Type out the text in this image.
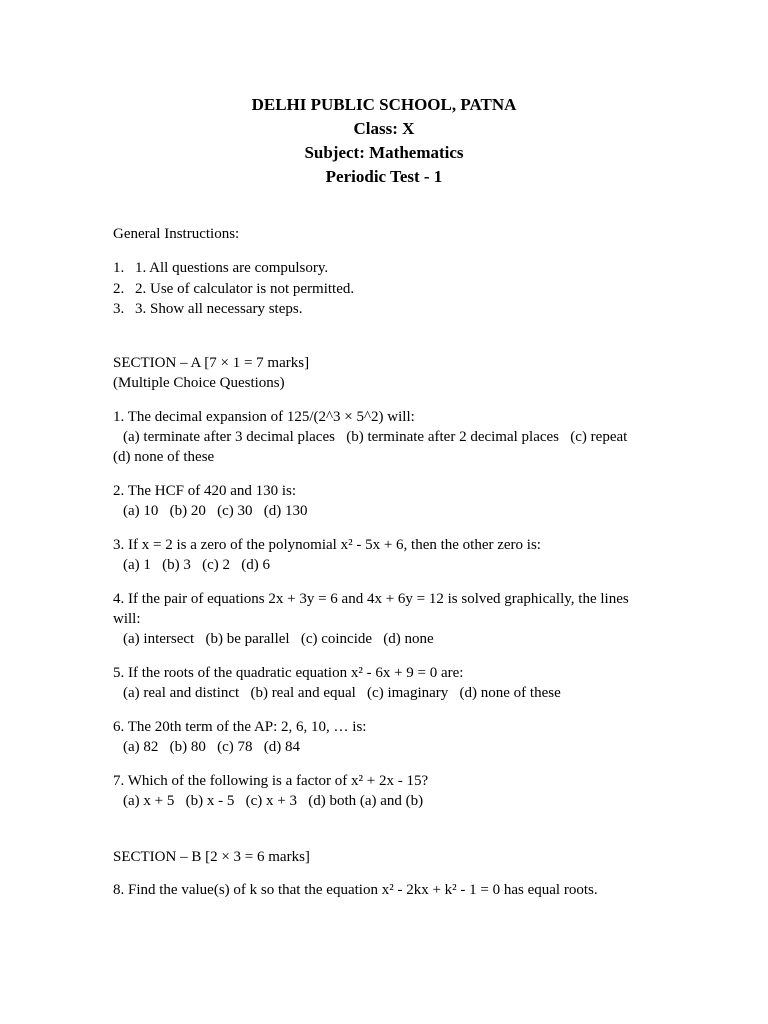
DELHI PUBLIC SCHOOL, PATNA
Class: X
Subject: Mathematics
Periodic Test - 1
General Instructions:
1. 1. All questions are compulsory.
2. 2. Use of calculator is not permitted.
3. 3. Show all necessary steps.
SECTION – A [7 × 1 = 7 marks]
(Multiple Choice Questions)
1. The decimal expansion of 125/(2^3 × 5^2) will:
(a) terminate after 3 decimal places   (b) terminate after 2 decimal places   (c) repeat
(d) none of these
2. The HCF of 420 and 130 is:
(a) 10   (b) 20   (c) 30   (d) 130
3. If x = 2 is a zero of the polynomial x² - 5x + 6, then the other zero is:
(a) 1   (b) 3   (c) 2   (d) 6
4. If the pair of equations 2x + 3y = 6 and 4x + 6y = 12 is solved graphically, the lines will:
(a) intersect   (b) be parallel   (c) coincide   (d) none
5. If the roots of the quadratic equation x² - 6x + 9 = 0 are:
(a) real and distinct   (b) real and equal   (c) imaginary   (d) none of these
6. The 20th term of the AP: 2, 6, 10, … is:
(a) 82   (b) 80   (c) 78   (d) 84
7. Which of the following is a factor of x² + 2x - 15?
(a) x + 5   (b) x - 5   (c) x + 3   (d) both (a) and (b)
SECTION – B [2 × 3 = 6 marks]
8. Find the value(s) of k so that the equation x² - 2kx + k² - 1 = 0 has equal roots.
